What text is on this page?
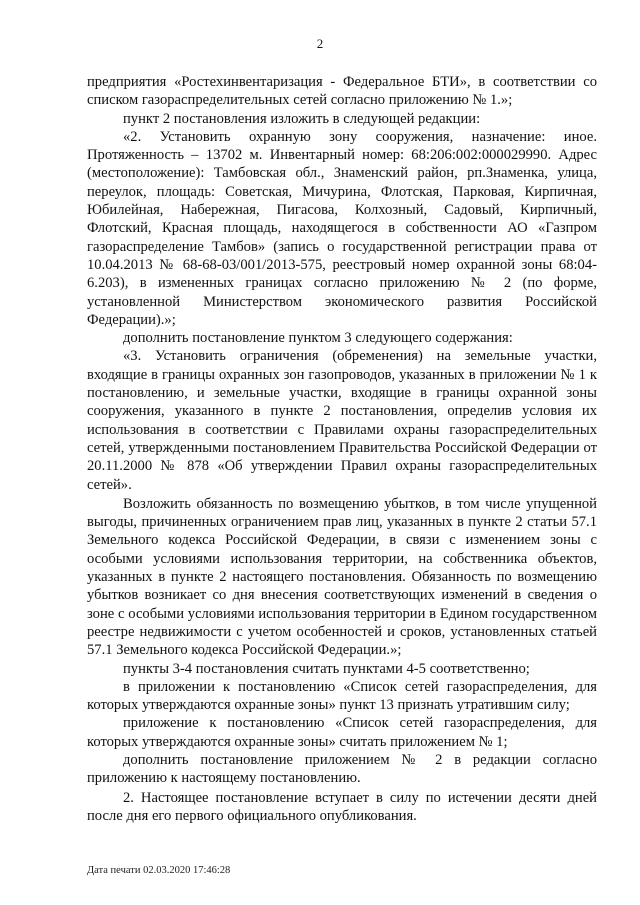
2

предприятия «Ростехинвентаризация - Федеральное БТИ», в соответствии со списком газораспределительных сетей согласно приложению № 1.»;

пункт 2 постановления изложить в следующей редакции:

«2. Установить охранную зону сооружения, назначение: иное. Протяженность – 13702 м. Инвентарный номер: 68:206:002:000029990. Адрес (местоположение): Тамбовская обл., Знаменский район, рп.Знаменка, улица, переулок, площадь: Советская, Мичурина, Флотская, Парковая, Кирпичная, Юбилейная, Набережная, Пигасова, Колхозный, Садовый, Кирпичный, Флотский, Красная площадь, находящегося в собственности АО «Газпром газораспределение Тамбов» (запись о государственной регистрации права от 10.04.2013 № 68-68-03/001/2013-575, реестровый номер охранной зоны 68:04-6.203), в измененных границах согласно приложению № 2 (по форме, установленной Министерством экономического развития Российской Федерации).»;

дополнить постановление пунктом 3 следующего содержания:

«3. Установить ограничения (обременения) на земельные участки, входящие в границы охранных зон газопроводов, указанных в приложении № 1 к постановлению, и земельные участки, входящие в границы охранной зоны сооружения, указанного в пункте 2 постановления, определив условия их использования в соответствии с Правилами охраны газораспределительных сетей, утвержденными постановлением Правительства Российской Федерации от 20.11.2000 № 878 «Об утверждении Правил охраны газораспределительных сетей».

Возложить обязанность по возмещению убытков, в том числе упущенной выгоды, причиненных ограничением прав лиц, указанных в пункте 2 статьи 57.1 Земельного кодекса Российской Федерации, в связи с изменением зоны с особыми условиями использования территории, на собственника объектов, указанных в пункте 2 настоящего постановления. Обязанность по возмещению убытков возникает со дня внесения соответствующих изменений в сведения о зоне с особыми условиями использования территории в Едином государственном реестре недвижимости с учетом особенностей и сроков, установленных статьей 57.1 Земельного кодекса Российской Федерации.»;

пункты 3-4 постановления считать пунктами 4-5 соответственно;

в приложении к постановлению «Список сетей газораспределения, для которых утверждаются охранные зоны» пункт 13 признать утратившим силу;

приложение к постановлению «Список сетей газораспределения, для которых утверждаются охранные зоны» считать приложением № 1;

дополнить постановление приложением № 2 в редакции согласно приложению к настоящему постановлению.

2. Настоящее постановление вступает в силу по истечении десяти дней после дня его первого официального опубликования.

Дата печати 02.03.2020 17:46:28
